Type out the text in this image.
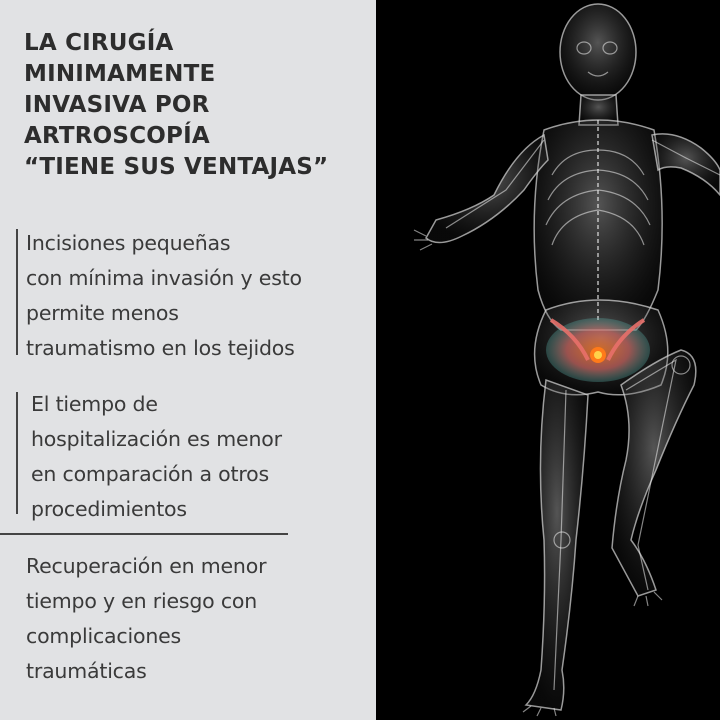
LA CIRUGÍA
MINIMAMENTE
INVASIVA POR
ARTROSCOPÍA
“TIENE SUS VENTAJAS”

Incisiones pequeñas
con mínima invasión y esto
permite menos
traumatismo en los tejidos

El tiempo de
hospitalización es menor
en comparación a otros
procedimientos

Recuperación en menor
tiempo y en riesgo con
complicaciones
traumáticas
